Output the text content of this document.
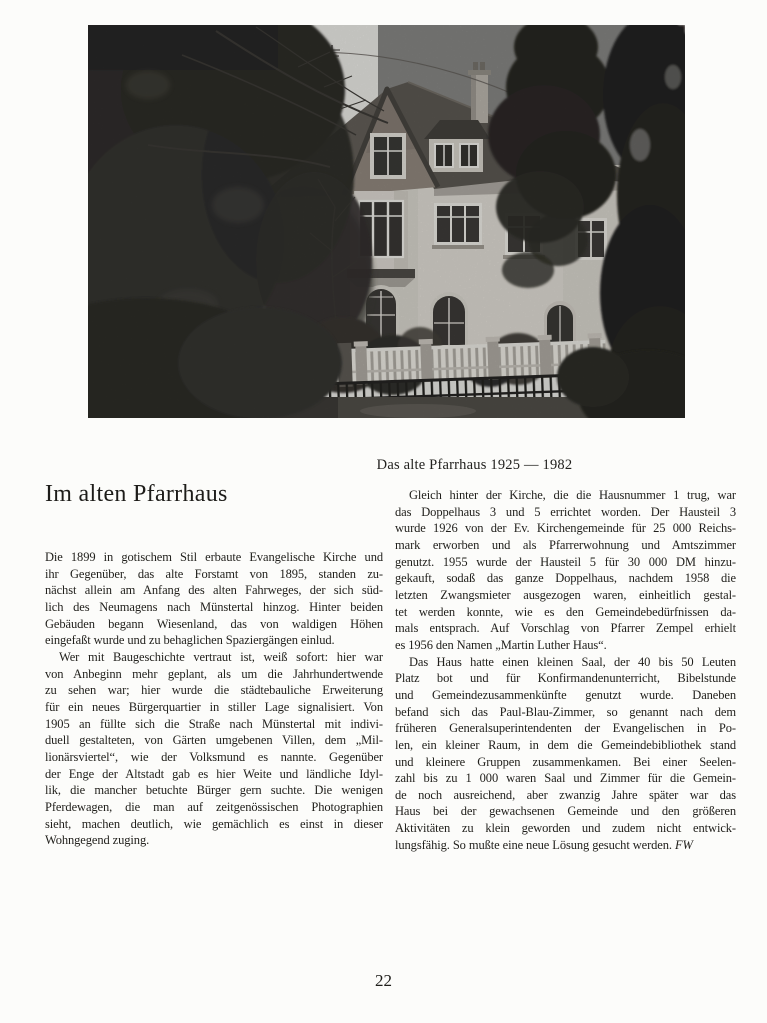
Das alte Pfarrhaus 1925 — 1982
Im alten Pfarrhaus
Die 1899 in gotischem Stil erbaute Evangelische Kirche und
ihr Gegenüber, das alte Forstamt von 1895, standen zu-
nächst allein am Anfang des alten Fahrweges, der sich süd-
lich des Neumagens nach Münstertal hinzog. Hinter beiden
Gebäuden begann Wiesenland, das von waldigen Höhen
eingefaßt wurde und zu behaglichen Spaziergängen einlud.
Wer mit Baugeschichte vertraut ist, weiß sofort: hier war
von Anbeginn mehr geplant, als um die Jahrhundertwende
zu sehen war; hier wurde die städtebauliche Erweiterung
für ein neues Bürgerquartier in stiller Lage signalisiert. Von
1905 an füllte sich die Straße nach Münstertal mit indivi-
duell gestalteten, von Gärten umgebenen Villen, dem „Mil-
lionärsviertel“, wie der Volksmund es nannte. Gegenüber
der Enge der Altstadt gab es hier Weite und ländliche Idyl-
lik, die mancher betuchte Bürger gern suchte. Die wenigen
Pferdewagen, die man auf zeitgenössischen Photographien
sieht, machen deutlich, wie gemächlich es einst in dieser
Wohngegend zuging.
Gleich hinter der Kirche, die die Hausnummer 1 trug, war
das Doppelhaus 3 und 5 errichtet worden. Der Hausteil 3
wurde 1926 von der Ev. Kirchengemeinde für 25 000 Reichs-
mark erworben und als Pfarrerwohnung und Amtszimmer
genutzt. 1955 wurde der Hausteil 5 für 30 000 DM hinzu-
gekauft, sodaß das ganze Doppelhaus, nachdem 1958 die
letzten Zwangsmieter ausgezogen waren, einheitlich gestal-
tet werden konnte, wie es den Gemeindebedürfnissen da-
mals entsprach. Auf Vorschlag von Pfarrer Zempel erhielt
es 1956 den Namen „Martin Luther Haus“.
Das Haus hatte einen kleinen Saal, der 40 bis 50 Leuten
Platz bot und für Konfirmandenunterricht, Bibelstunde
und Gemeindezusammenkünfte genutzt wurde. Daneben
befand sich das Paul-Blau-Zimmer, so genannt nach dem
früheren Generalsuperintendenten der Evangelischen in Po-
len, ein kleiner Raum, in dem die Gemeindebibliothek stand
und kleinere Gruppen zusammenkamen. Bei einer Seelen-
zahl bis zu 1 000 waren Saal und Zimmer für die Gemein-
de noch ausreichend, aber zwanzig Jahre später war das
Haus bei der gewachsenen Gemeinde und den größeren
Aktivitäten zu klein geworden und zudem nicht entwick-
lungsfähig. So mußte eine neue Lösung gesucht werden. FW
22
